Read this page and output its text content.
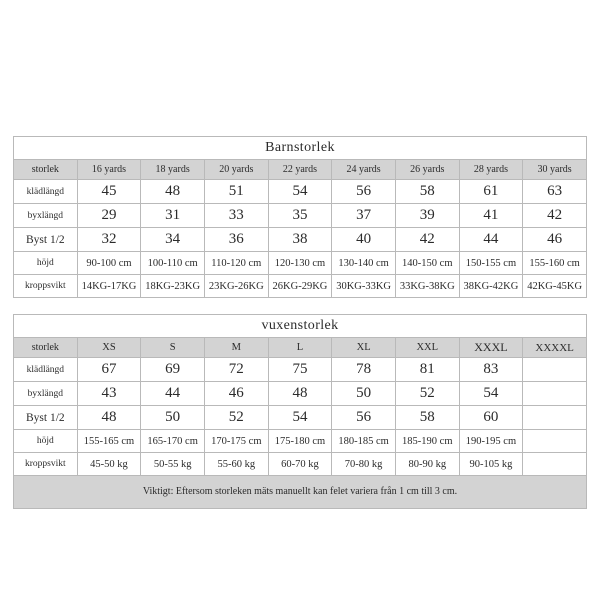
Barnstorlek								
storlek	16 yards	18 yards	20 yards	22 yards	24 yards	26 yards	28 yards	30 yards
klädlängd	45	48	51	54	56	58	61	63
byxlängd	29	31	33	35	37	39	41	42
Byst 1/2	32	34	36	38	40	42	44	46
höjd	90-100 cm	100-110 cm	110-120 cm	120-130 cm	130-140 cm	140-150 cm	150-155 cm	155-160 cm
kroppsvikt	14KG-17KG	18KG-23KG	23KG-26KG	26KG-29KG	30KG-33KG	33KG-38KG	38KG-42KG	42KG-45KG
vuxenstorlek								
storlek	XS	S	M	L	XL	XXL	XXXL	XXXXL
klädlängd	67	69	72	75	78	81	83	
byxlängd	43	44	46	48	50	52	54	
Byst 1/2	48	50	52	54	56	58	60	
höjd	155-165 cm	165-170 cm	170-175 cm	175-180 cm	180-185 cm	185-190 cm	190-195 cm	
kroppsvikt	45-50 kg	50-55 kg	55-60 kg	60-70 kg	70-80 kg	80-90 kg	90-105 kg	
Viktigt: Eftersom storleken mäts manuellt kan felet variera från 1 cm till 3 cm.
